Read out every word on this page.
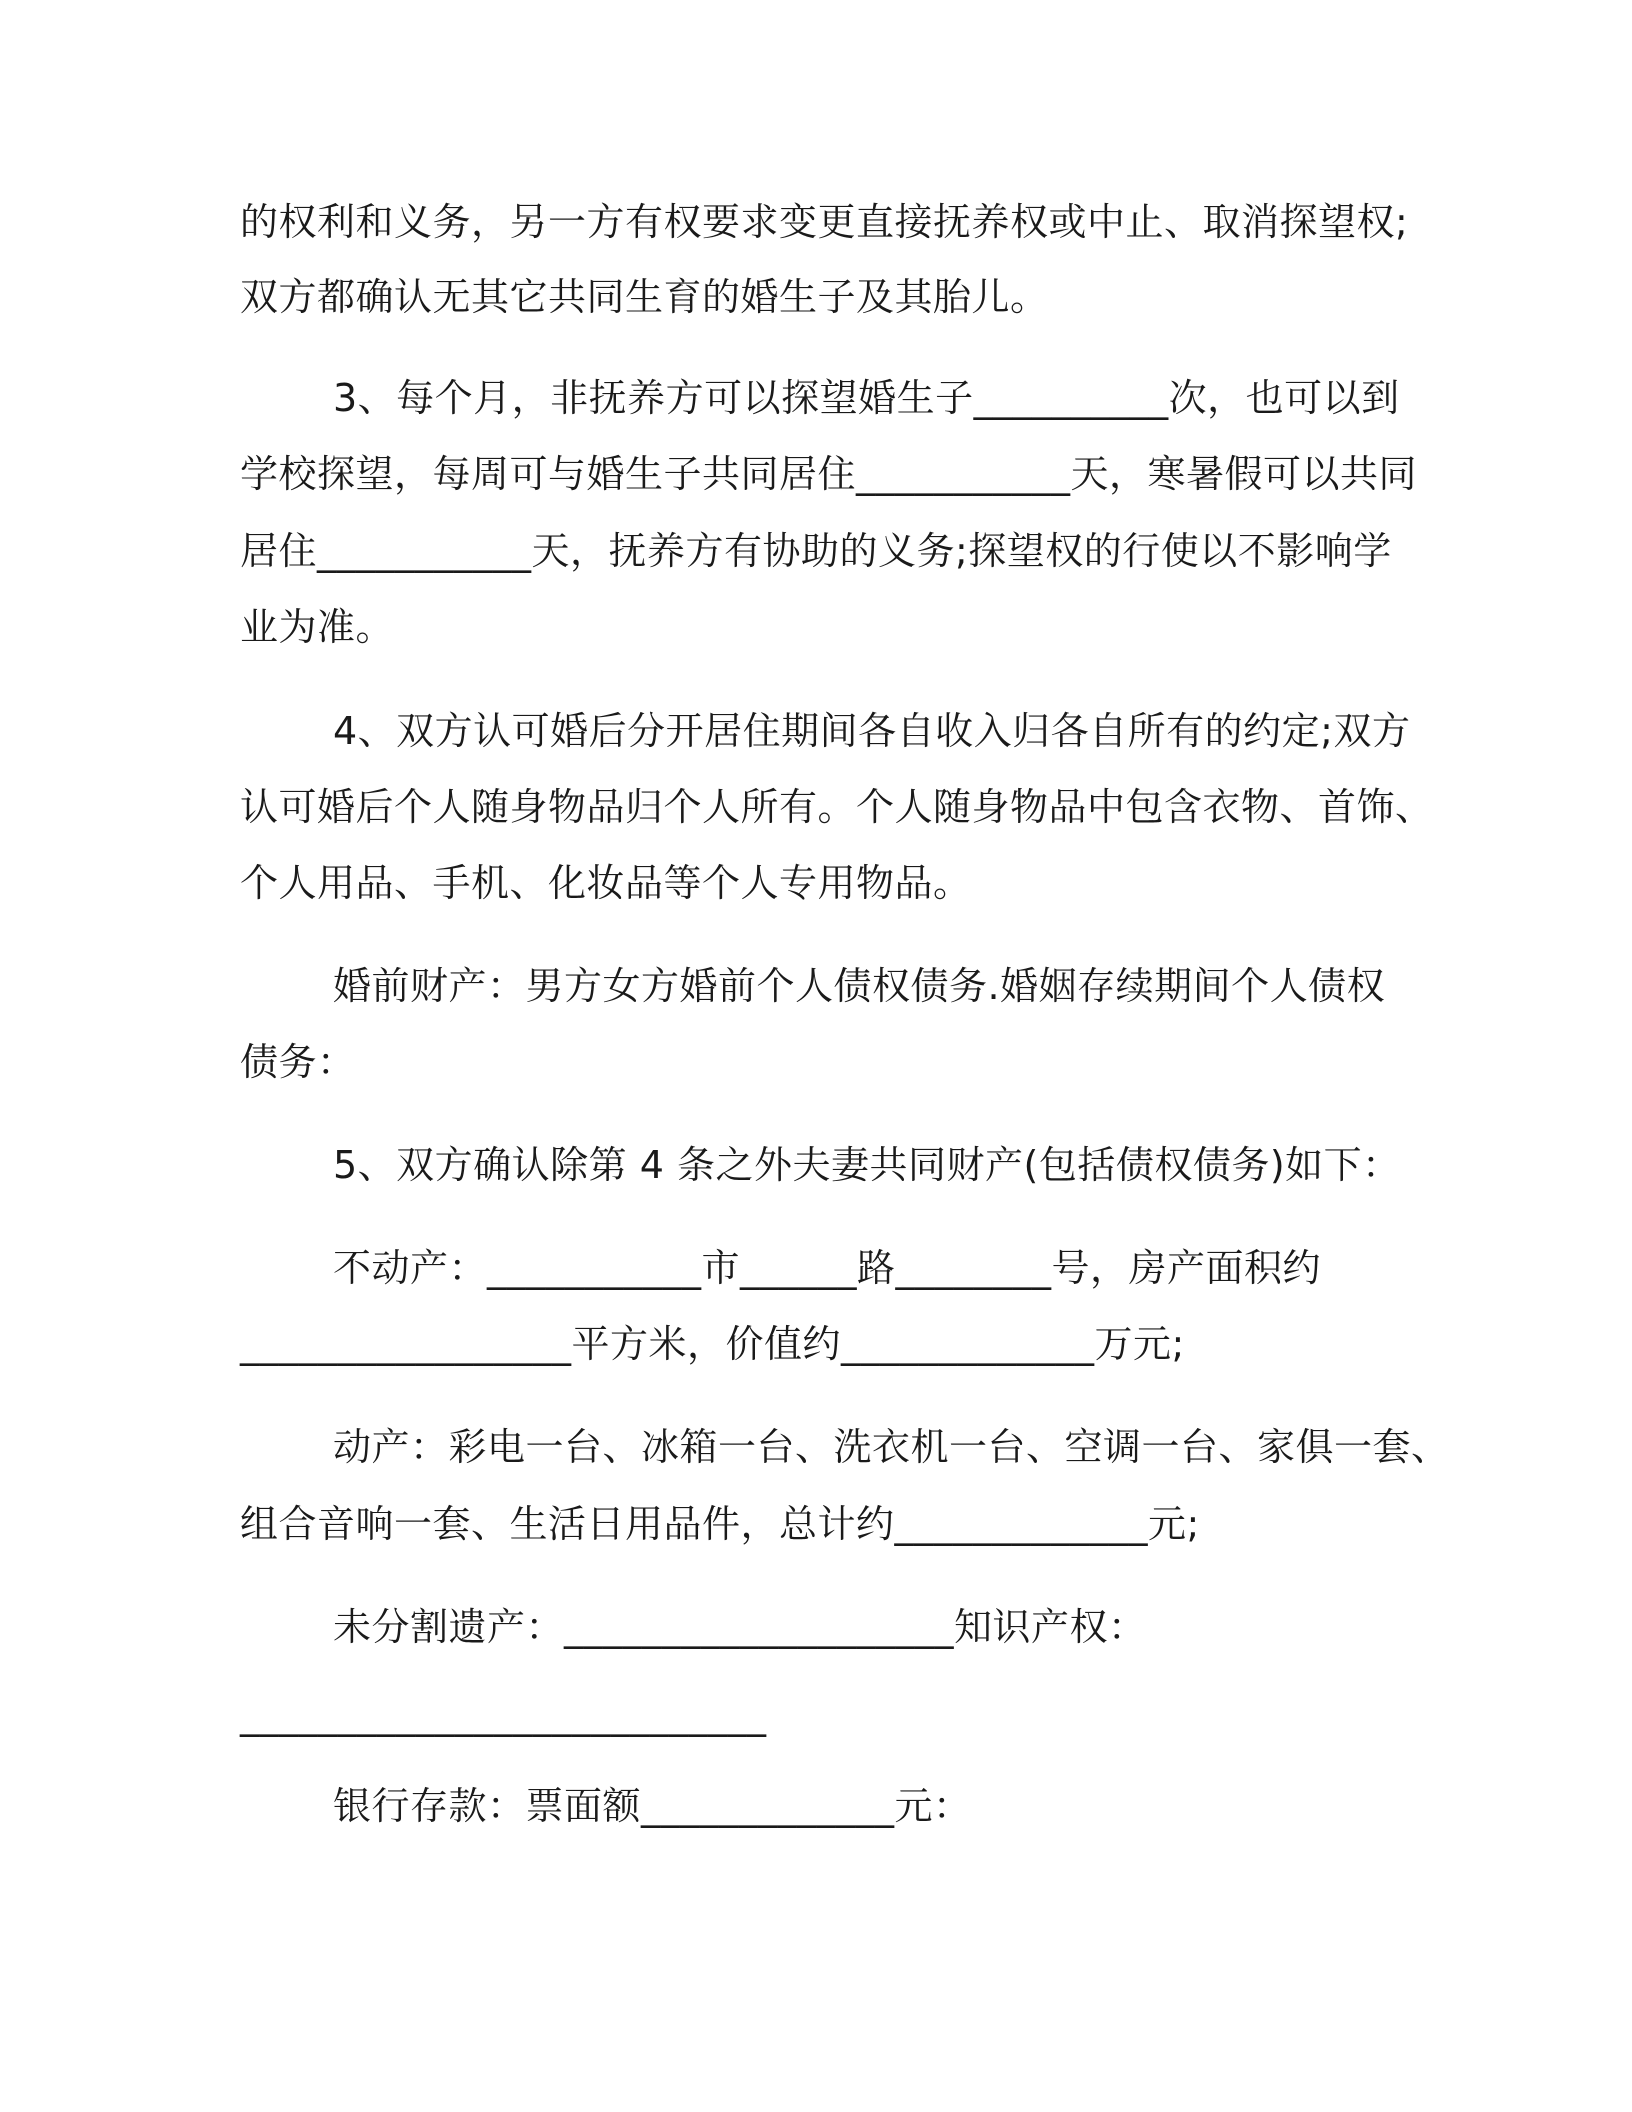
的权利和义务，另一方有权要求变更直接抚养权或中止、取消探望权;
双方都确认无其它共同生育的婚生子及其胎儿。
3、每个月，非抚养方可以探望婚生子__________次，也可以到
学校探望，每周可与婚生子共同居住___________天，寒暑假可以共同
居住___________天，抚养方有协助的义务;探望权的行使以不影响学
业为准。
4、双方认可婚后分开居住期间各自收入归各自所有的约定;双方
认可婚后个人随身物品归个人所有。个人随身物品中包含衣物、首饰、
个人用品、手机、化妆品等个人专用物品。
婚前财产：男方女方婚前个人债权债务.婚姻存续期间个人债权
债务：
5、双方确认除第 4 条之外夫妻共同财产(包括债权债务)如下：
不动产：___________市______路________号，房产面积约
_________________平方米，价值约_____________万元;
动产：彩电一台、冰箱一台、洗衣机一台、空调一台、家俱一套、
组合音响一套、生活日用品件，总计约_____________元;
未分割遗产：____________________知识产权：
___________________________
银行存款：票面额_____________元：
